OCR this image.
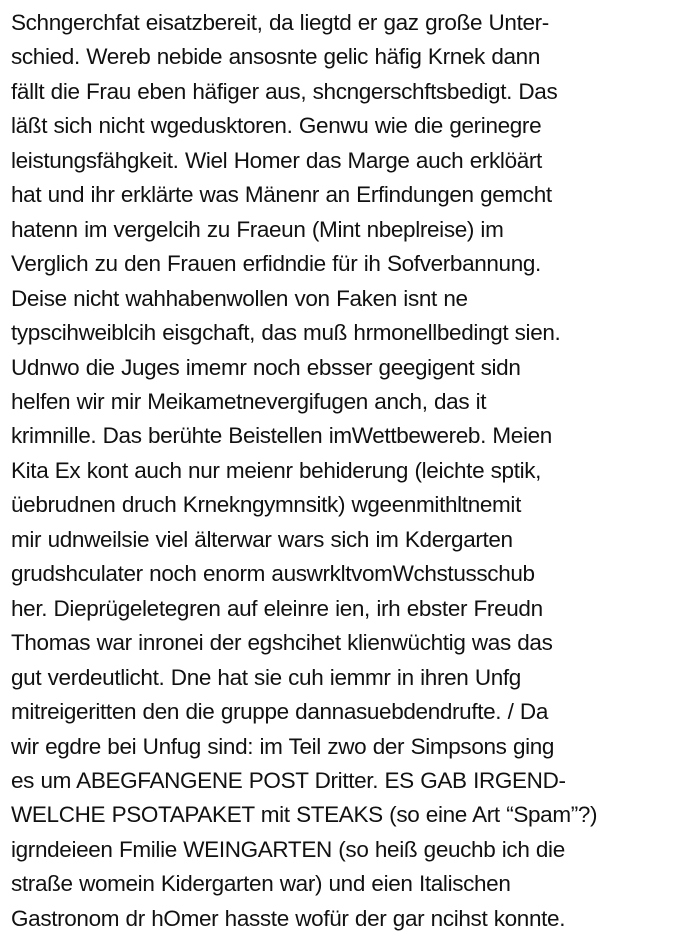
Schngerchfat eisatzbereit, da liegtd er gaz große Unter-
schied. Wereb nebide ansosnte gelic häfig Krnek dann
fällt die Frau eben häfiger aus, shcngerschftsbedigt. Das
läßt sich nicht wgedusktoren. Genwu wie die gerinegre
leistungsfähgkeit. Wiel Homer das Marge auch erklöärt
hat und ihr erklärte was Mänenr an Erfindungen gemcht
hatenn im vergelcih zu Fraeun (Mint nbeplreise) im
Verglich zu den Frauen erfidndie für ih Sofverbannung.
Deise nicht wahhabenwollen von Faken isnt ne
typscihweiblcih eisgchaft, das muß hrmonellbedingt sien.
Udnwo die Juges imemr noch ebsser geegigent sidn
helfen wir mir Meikametnevergifugen anch, das it
krimnille. Das berühte Beistellen imWettbewereb. Meien
Kita Ex kont auch nur meienr behiderung (leichte sptik,
üebrudnen druch Krnekngymnsitk) wgeenmithltnemit
mir udnweilsie viel älterwar wars sich im Kdergarten
grudshculater noch enorm auswrkltvomWchstusschub
her. Dieprügeletegren auf eleinre ien, irh ebster Freudn
Thomas war inronei der egshcihet klienwüchtig was das
gut verdeutlicht. Dne hat sie cuh iemmr in ihren Unfg
mitreigeritten den die gruppe dannasuebdendrufte. / Da
wir egdre bei Unfug sind: im Teil zwo der Simpsons ging
es um ABEGFANGENE POST Dritter. ES GAB IRGEND-
WELCHE PSOTAPAKET mit STEAKS (so eine Art “Spam”?)
igrndeieen Fmilie WEINGARTEN (so heiß geuchb ich die
straße womein Kidergarten war) und eien Italischen
Gastronom dr hOmer hasste wofür der gar ncihst konnte.
